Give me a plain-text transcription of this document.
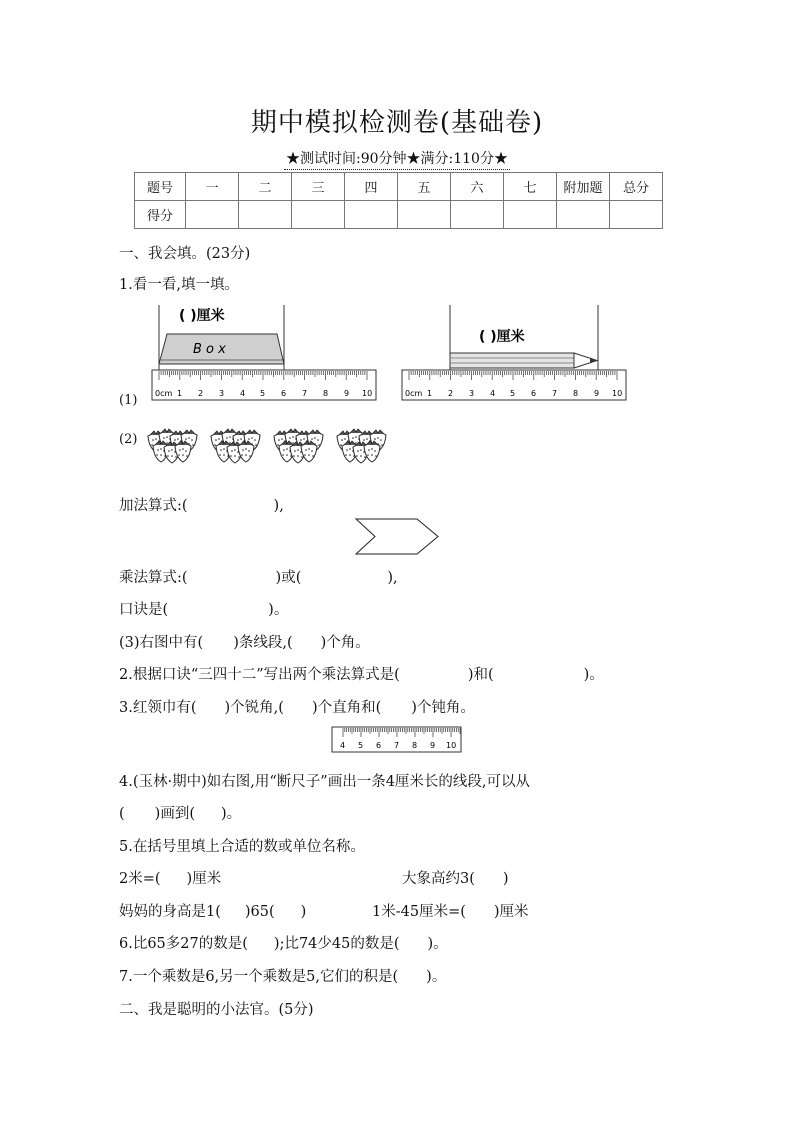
期中模拟检测卷(基础卷)
★测试时间:90分钟★满分:110分★
题号	一	二	三	四	五	六	七	附加题	总分
得分									
一、我会填。(23分)
1.看一看,填一填。
( )厘米
B o x
0cm 1 2 3 4 5 6 7 8 9 10
( )厘米
0cm 1 2 3 4 5 6 7 8 9 10
(1)
(2)
加法算式:(	),
乘法算式:(	)或(	),
口诀是(	)。
(3)右图中有( )条线段,( )个角。
2.根据口诀“三四十二”写出两个乘法算式是(	)和(	)。
3.红领巾有( )个锐角,( )个直角和( )个钝角。
4 5 6 7 8 9 10
4.(玉林·期中)如右图,用“断尺子”画出一条4厘米长的线段,可以从
( )画到( )。
5.在括号里填上合适的数或单位名称。
2米=( )厘米	大象高约3( )
妈妈的身高是1( )65( )	1米-45厘米=( )厘米
6.比65多27的数是( );比74少45的数是( )。
7.一个乘数是6,另一个乘数是5,它们的积是( )。
二、我是聪明的小法官。(5分)
